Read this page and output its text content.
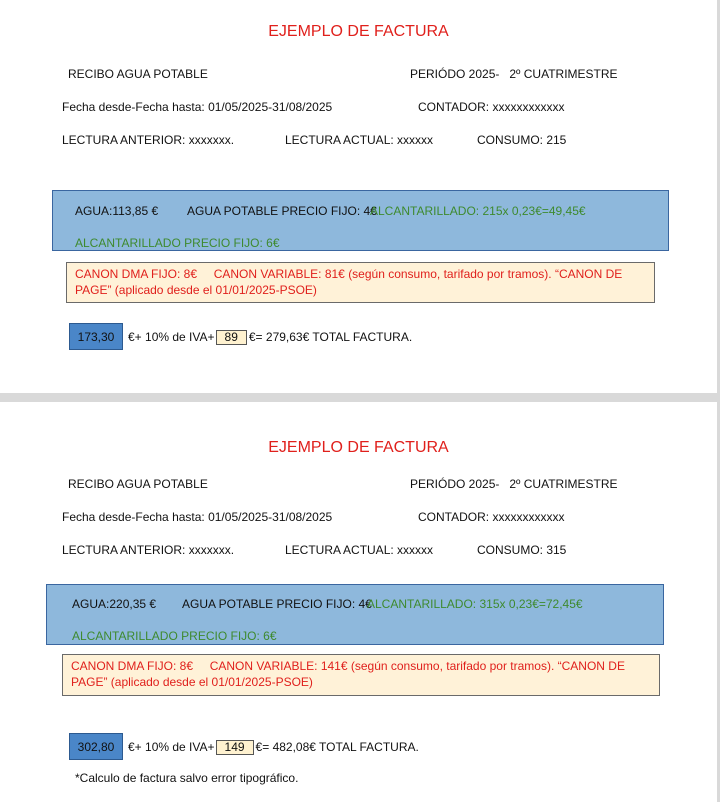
EJEMPLO DE FACTURA
RECIBO AGUA POTABLE	PERIÓDO 2025-   2º CUATRIMESTRE
Fecha desde-Fecha hasta: 01/05/2025-31/08/2025	CONTADOR: xxxxxxxxxxxx
LECTURA ANTERIOR: xxxxxxx.	LECTURA ACTUAL: xxxxxx	CONSUMO: 215
AGUA:113,85 € AGUA POTABLE PRECIO FIJO: 4€
ALCANTARILLADO: 215x 0,23€=49,45€
ALCANTARILLADO PRECIO FIJO: 6€
CANON DMA FIJO: 8€     CANON VARIABLE: 81€ (según consumo, tarifado por tramos). “CANON DE PAGE” (aplicado desde el 01/01/2025-PSOE)
173,30	€+ 10% de IVA+ 89 €= 279,63€ TOTAL FACTURA.
EJEMPLO DE FACTURA
RECIBO AGUA POTABLE	PERIÓDO 2025-   2º CUATRIMESTRE
Fecha desde-Fecha hasta: 01/05/2025-31/08/2025	CONTADOR: xxxxxxxxxxxx
LECTURA ANTERIOR: xxxxxxx.	LECTURA ACTUAL: xxxxxx	CONSUMO: 315
AGUA:220,35 € AGUA POTABLE PRECIO FIJO: 4€
ALCANTARILLADO: 315x 0,23€=72,45€
ALCANTARILLADO PRECIO FIJO: 6€
CANON DMA FIJO: 8€     CANON VARIABLE: 141€ (según consumo, tarifado por tramos). “CANON DE PAGE” (aplicado desde el 01/01/2025-PSOE)
302,80	€+ 10% de IVA+ 149 €= 482,08€ TOTAL FACTURA.
*Calculo de factura salvo error tipográfico.
